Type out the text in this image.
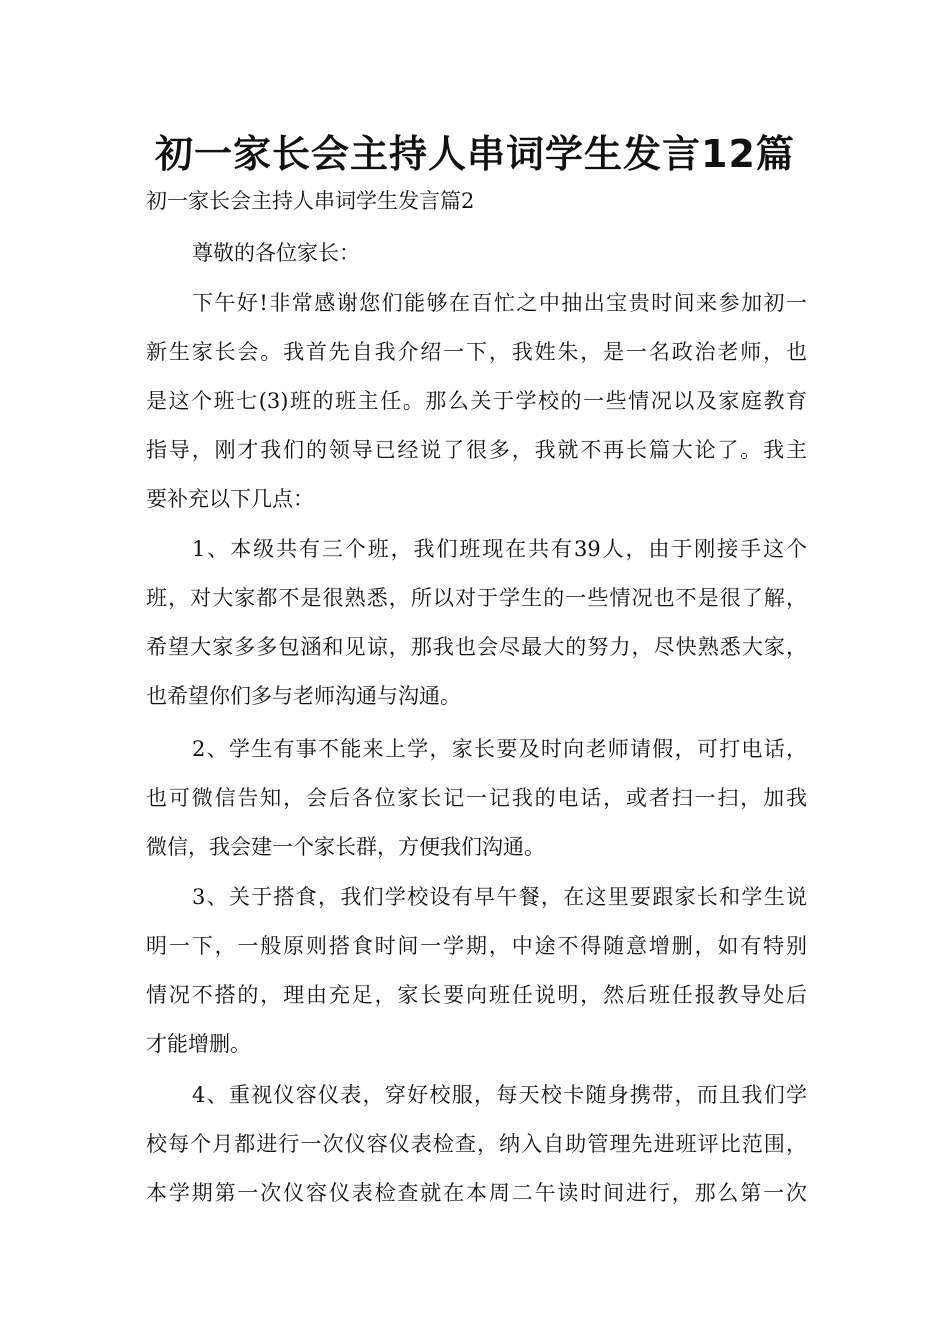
初一家长会主持人串词学生发言12篇

初一家长会主持人串词学生发言篇2

尊敬的各位家长：

下午好!非常感谢您们能够在百忙之中抽出宝贵时间来参加初一

新生家长会。我首先自我介绍一下，我姓朱，是一名政治老师，也

是这个班七(3)班的班主任。那么关于学校的一些情况以及家庭教育

指导，刚才我们的领导已经说了很多，我就不再长篇大论了。我主

要补充以下几点：

1、本级共有三个班，我们班现在共有39人，由于刚接手这个

班，对大家都不是很熟悉，所以对于学生的一些情况也不是很了解，

希望大家多多包涵和见谅，那我也会尽最大的努力，尽快熟悉大家，

也希望你们多与老师沟通与沟通。

2、学生有事不能来上学，家长要及时向老师请假，可打电话，

也可微信告知，会后各位家长记一记我的电话，或者扫一扫，加我

微信，我会建一个家长群，方便我们沟通。

3、关于搭食，我们学校设有早午餐，在这里要跟家长和学生说

明一下，一般原则搭食时间一学期，中途不得随意增删，如有特别

情况不搭的，理由充足，家长要向班任说明，然后班任报教导处后

才能增删。

4、重视仪容仪表，穿好校服，每天校卡随身携带，而且我们学

校每个月都进行一次仪容仪表检查，纳入自助管理先进班评比范围，

本学期第一次仪容仪表检查就在本周二午读时间进行，那么第一次
